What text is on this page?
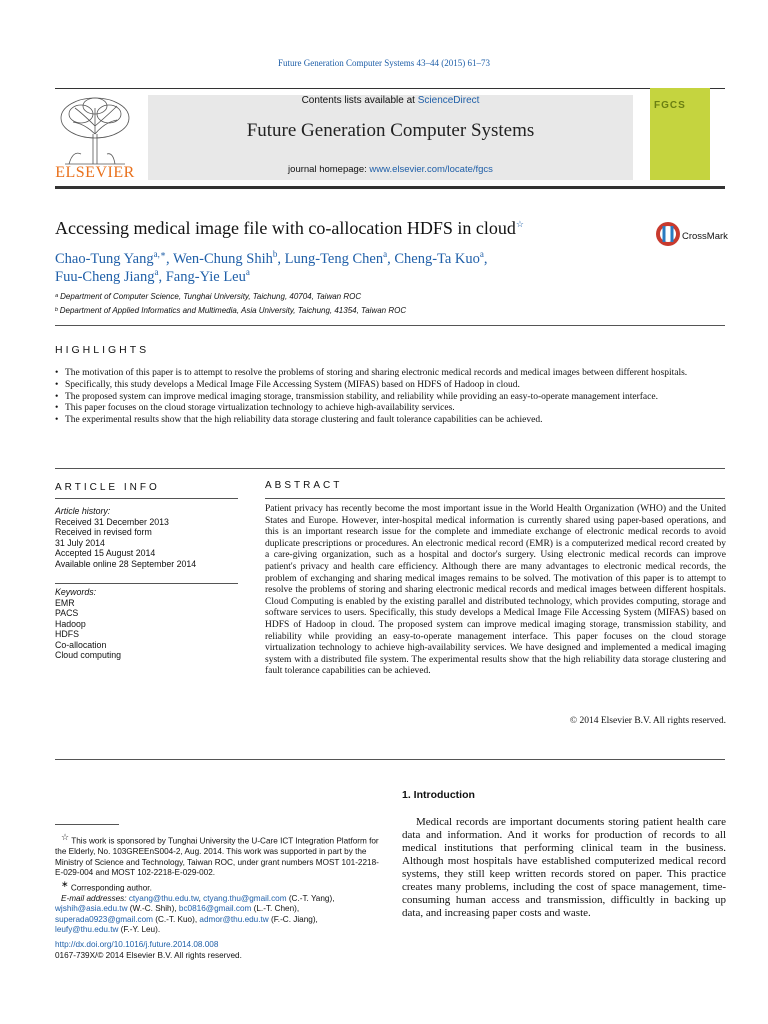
Future Generation Computer Systems 43–44 (2015) 61–73
ELSEVIER
Contents lists available at ScienceDirect
Future Generation Computer Systems
journal homepage: www.elsevier.com/locate/fgcs
FGCS
Accessing medical image file with co-allocation HDFS in cloud☆
CrossMark
Chao-Tung Yang$^{a,∗}$, Wen-Chung Shih$^b$, Lung-Teng Chen$^a$, Cheng-Ta Kuo$^a$,
Fuu-Cheng Jiang$^a$, Fang-Yie Leu$^a$
ᵃ Department of Computer Science, Tunghai University, Taichung, 40704, Taiwan ROC
ᵇ Department of Applied Informatics and Multimedia, Asia University, Taichung, 41354, Taiwan ROC
HIGHLIGHTS
• The motivation of this paper is to attempt to resolve the problems of storing and sharing electronic medical records and medical images between different hospitals.
• Specifically, this study develops a Medical Image File Accessing System (MIFAS) based on HDFS of Hadoop in cloud.
• The proposed system can improve medical imaging storage, transmission stability, and reliability while providing an easy-to-operate management interface.
• This paper focuses on the cloud storage virtualization technology to achieve high-availability services.
• The experimental results show that the high reliability data storage clustering and fault tolerance capabilities can be achieved.
ARTICLE INFO
Article history:
Received 31 December 2013
Received in revised form
31 July 2014
Accepted 15 August 2014
Available online 28 September 2014
Keywords:
EMR
PACS
Hadoop
HDFS
Co-allocation
Cloud computing
ABSTRACT
Patient privacy has recently become the most important issue in the World Health Organization (WHO) and the United States and Europe. However, inter-hospital medical information is currently shared using paper-based operations, and this is an important research issue for the complete and immediate exchange of electronic medical records to avoid duplicate prescriptions or procedures. An electronic medical record (EMR) is a computerized medical record created by a care-giving organization, such as a hospital and doctor's surgery. Using electronic medical records can improve patient's privacy and health care efficiency. Although there are many advantages to electronic medical records, the problem of exchanging and sharing medical images remains to be solved. The motivation of this paper is to attempt to resolve the problems of storing and sharing electronic medical records and medical images between different hospitals. Cloud Computing is enabled by the existing parallel and distributed technology, which provides computing, storage and software services to users. Specifically, this study develops a Medical Image File Accessing System (MIFAS) based on HDFS of Hadoop in cloud. The proposed system can improve medical imaging storage, transmission stability, and reliability while providing an easy-to-operate management interface. This paper focuses on the cloud storage virtualization technology to achieve high-availability services. We have designed and implemented a medical imaging system with a distributed file system. The experimental results show that the high reliability data storage clustering and fault tolerance capabilities can be achieved.
© 2014 Elsevier B.V. All rights reserved.
1. Introduction
Medical records are important documents storing patient health care data and information. And it works for production of records to all medical institutions that performing clinical team in the business. Although most hospitals have established computerized medical record systems, they still keep written records stored on paper. This practice creates many problems, including the cost of space management, time-consuming human access and transmission, difficultly in backing up data, and increasing paper costs and waste.

☆ This work is sponsored by Tunghai University the U-Care ICT Integration Platform for the Elderly, No. 103GREEnS004-2, Aug. 2014. This work was supported in part by the Ministry of Science and Technology, Taiwan ROC, under grant numbers MOST 101-2218-E-029-004 and MOST 102-2218-E-029-002.

∗ Corresponding author.

E-mail addresses: ctyang@thu.edu.tw, ctyang.thu@gmail.com (C.-T. Yang), wjshih@asia.edu.tw (W.-C. Shih), bc0816@gmail.com (L.-T. Chen), superada0923@gmail.com (C.-T. Kuo), admor@thu.edu.tw (F.-C. Jiang), leufy@thu.edu.tw (F.-Y. Leu).

http://dx.doi.org/10.1016/j.future.2014.08.008
0167-739X/© 2014 Elsevier B.V. All rights reserved.
